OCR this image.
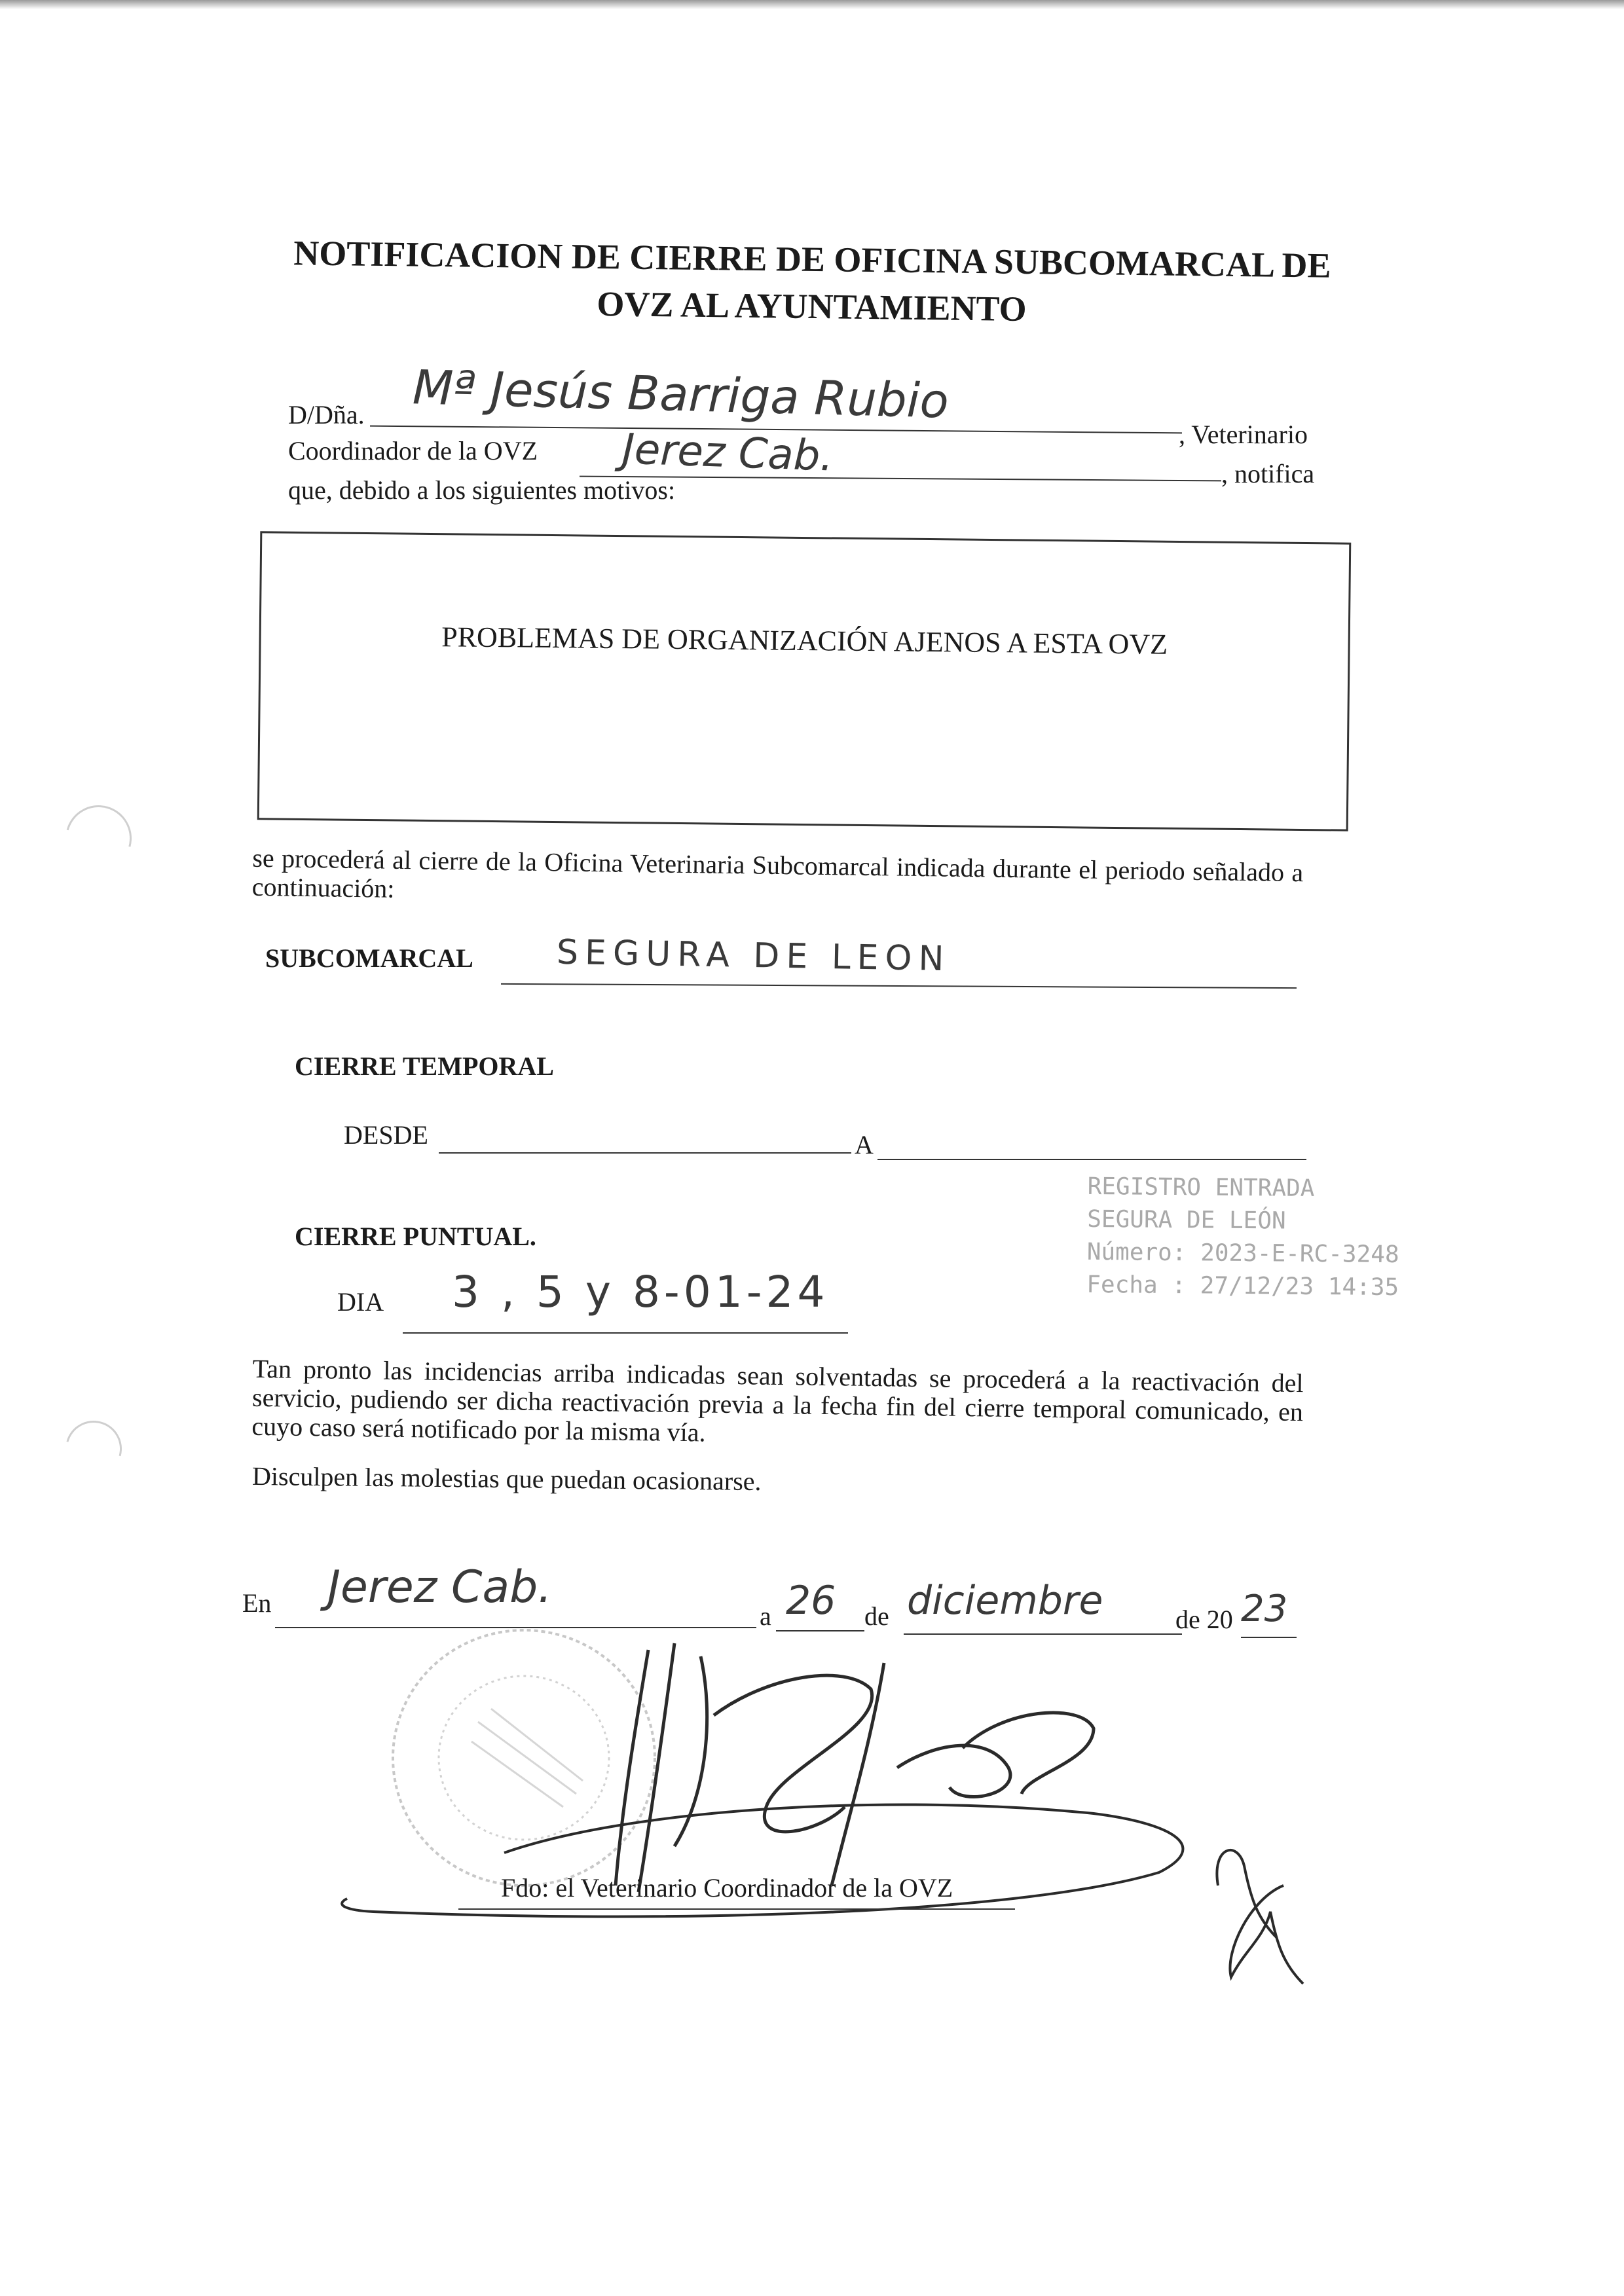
NOTIFICACION DE CIERRE DE OFICINA SUBCOMARCAL DE
OVZ AL AYUNTAMIENTO
D/Dña. Mª Jesús Barriga Rubio
, Veterinario
Coordinador de la OVZ Jerez Cab.	, notifica
que, debido a los siguientes motivos:
PROBLEMAS DE ORGANIZACIÓN AJENOS A ESTA OVZ
se procederá al cierre de la Oficina Veterinaria Subcomarcal indicada durante el periodo señalado a continuación:
SUBCOMARCAL SEGURA DE LEON
CIERRE TEMPORAL
DESDE	A
REGISTRO ENTRADA
SEGURA DE LEÓN
Número: 2023-E-RC-3248
Fecha : 27/12/23 14:35
CIERRE PUNTUAL.
DIA 3 , 5 y 8-01-24
Tan pronto las incidencias arriba indicadas sean solventadas se procederá a la reactivación del servicio, pudiendo ser dicha reactivación previa a la fecha fin del cierre temporal comunicado, en cuyo caso será notificado por la misma vía.
Disculpen las molestias que puedan ocasionarse.
En Jerez Cab.
a 26 de diciembre	de 20 23
Fdo: el Veterinario Coordinador de la OVZ
